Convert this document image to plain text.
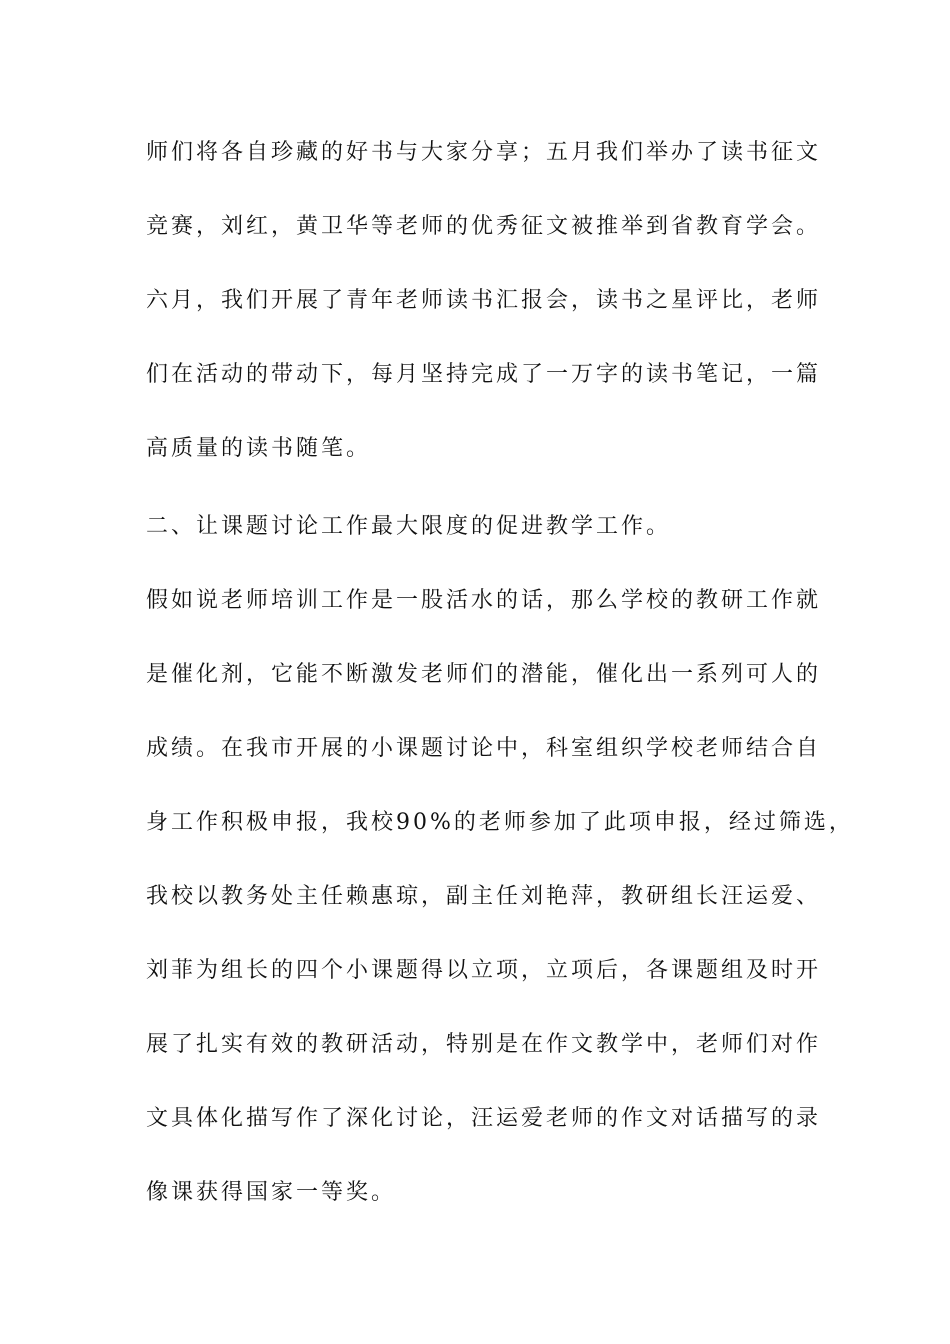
师们将各自珍藏的好书与大家分享；五月我们举办了读书征文

竞赛，刘红，黄卫华等老师的优秀征文被推举到省教育学会。

六月，我们开展了青年老师读书汇报会，读书之星评比，老师

们在活动的带动下，每月坚持完成了一万字的读书笔记，一篇

高质量的读书随笔。

二、让课题讨论工作最大限度的促进教学工作。

假如说老师培训工作是一股活水的话，那么学校的教研工作就

是催化剂，它能不断激发老师们的潜能，催化出一系列可人的

成绩。在我市开展的小课题讨论中，科室组织学校老师结合自

身工作积极申报，我校90%的老师参加了此项申报，经过筛选，

我校以教务处主任赖惠琼，副主任刘艳萍，教研组长汪运爱、

刘菲为组长的四个小课题得以立项，立项后，各课题组及时开

展了扎实有效的教研活动，特别是在作文教学中，老师们对作

文具体化描写作了深化讨论，汪运爱老师的作文对话描写的录

像课获得国家一等奖。
